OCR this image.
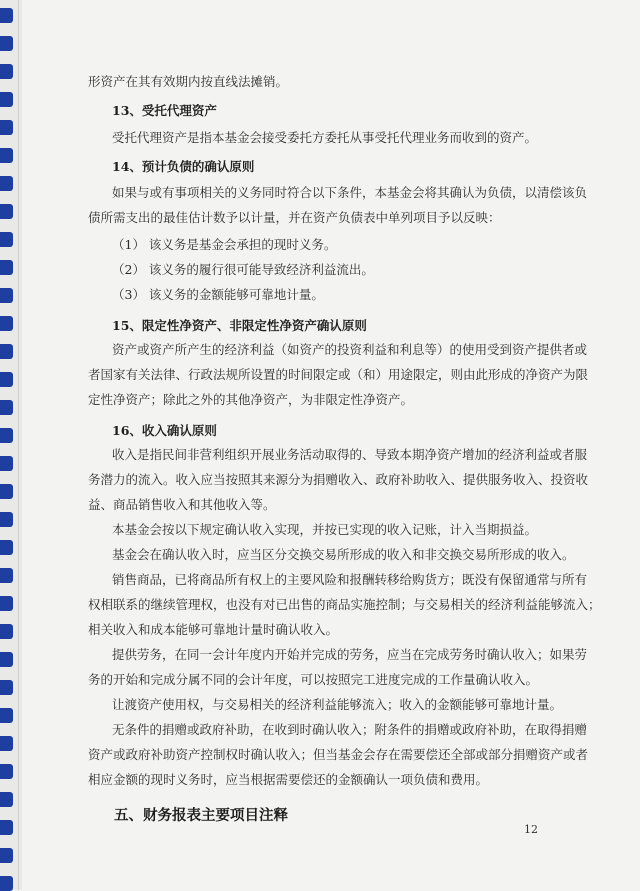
形资产在其有效期内按直线法摊销。
13、受托代理资产
受托代理资产是指本基金会接受委托方委托从事受托代理业务而收到的资产。
14、预计负债的确认原则
如果与或有事项相关的义务同时符合以下条件，本基金会将其确认为负债，以清偿该负
债所需支出的最佳估计数予以计量，并在资产负债表中单列项目予以反映：
（1） 该义务是基金会承担的现时义务。
（2） 该义务的履行很可能导致经济利益流出。
（3） 该义务的金额能够可靠地计量。
15、限定性净资产、非限定性净资产确认原则
资产或资产所产生的经济利益（如资产的投资利益和利息等）的使用受到资产提供者或
者国家有关法律、行政法规所设置的时间限定或（和）用途限定，则由此形成的净资产为限
定性净资产；除此之外的其他净资产，为非限定性净资产。
16、收入确认原则
收入是指民间非营利组织开展业务活动取得的、导致本期净资产增加的经济利益或者服
务潜力的流入。收入应当按照其来源分为捐赠收入、政府补助收入、提供服务收入、投资收
益、商品销售收入和其他收入等。
本基金会按以下规定确认收入实现，并按已实现的收入记账，计入当期损益。
基金会在确认收入时，应当区分交换交易所形成的收入和非交换交易所形成的收入。
销售商品，已将商品所有权上的主要风险和报酬转移给购货方；既没有保留通常与所有
权相联系的继续管理权，也没有对已出售的商品实施控制；与交易相关的经济利益能够流入；
相关收入和成本能够可靠地计量时确认收入。
提供劳务，在同一会计年度内开始并完成的劳务，应当在完成劳务时确认收入；如果劳
务的开始和完成分属不同的会计年度，可以按照完工进度完成的工作量确认收入。
让渡资产使用权，与交易相关的经济利益能够流入；收入的金额能够可靠地计量。
无条件的捐赠或政府补助，在收到时确认收入；附条件的捐赠或政府补助，在取得捐赠
资产或政府补助资产控制权时确认收入；但当基金会存在需要偿还全部或部分捐赠资产或者
相应金额的现时义务时，应当根据需要偿还的金额确认一项负债和费用。
五、财务报表主要项目注释
12
